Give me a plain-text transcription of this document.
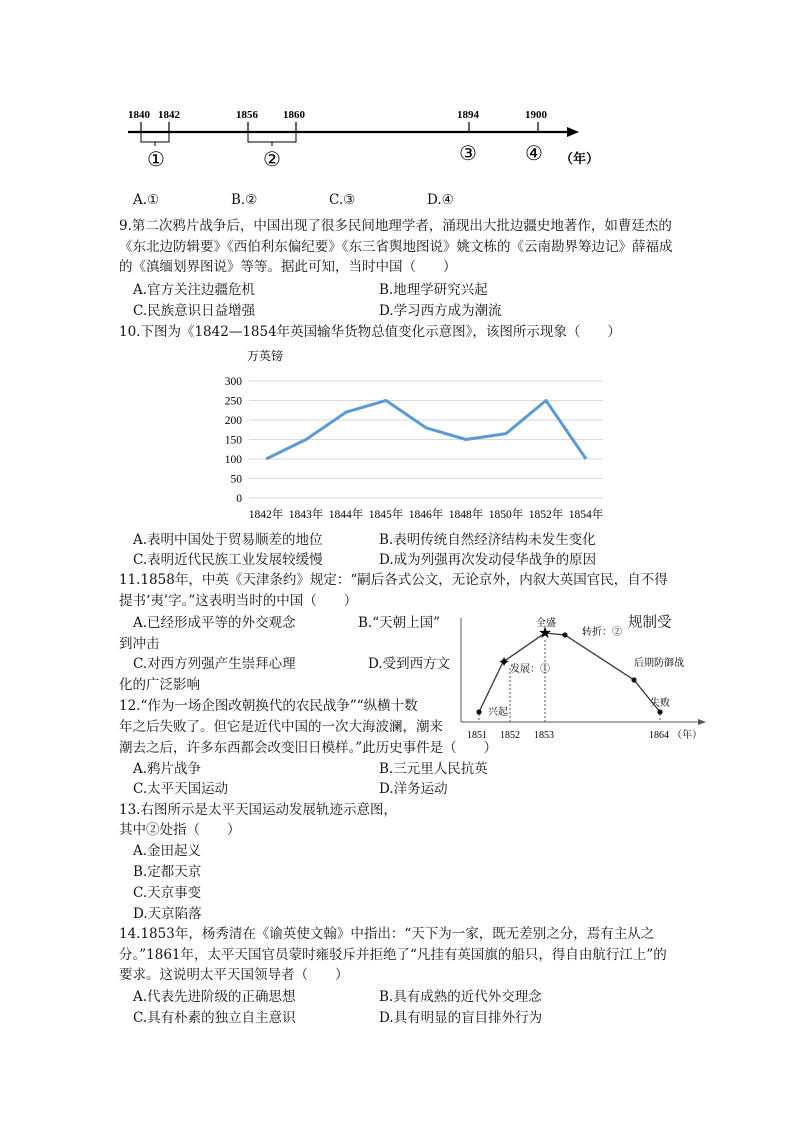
1840 1842	1856 1860	1894	1900
①	②	③ ④ （年）
A.①	B.②	C.③	D.④
9.第二次鸦片战争后，中国出现了很多民间地理学者，涌现出大批边疆史地著作，如曹廷杰的《东北边防辑要》《西伯利东偏纪要》《东三省舆地图说》姚文栋的《云南勘界筹边记》薛福成的《滇缅划界图说》等等。据此可知，当时中国（　　）
A.官方关注边疆危机	B.地理学研究兴起
C.民族意识日益增强	D.学习西方成为潮流
10.下图为《1842—1854年英国输华货物总值变化示意图》，该图所示现象（　　）
万英镑
0
50
100
150
200
250
300
1842年 1843年 1844年 1845年 1846年 1848年 1850年 1852年 1854年
A.表明中国处于贸易顺差的地位	B.表明传统自然经济结构未发生变化
C.表明近代民族工业发展较缓慢	D.成为列强再次发动侵华战争的原因
11.1858年，中英《天津条约》规定：“嗣后各式公文，无论京外，内叙大英国官民，自不得提书‘夷’字。”这表明当时的中国（　　）
A.已经形成平等的外交观念	B.“天朝上国”	规制受
到冲击
C.对西方列强产生崇拜心理	D.受到西方文
化的广泛影响
12.“作为一场企图改朝换代的农民战争”“纵横十数
年之后失败了。但它是近代中国的一次大海波澜，潮来
潮去之后，许多东西都会改变旧日模样。”此历史事件是（　　）
A.鸦片战争	B.三元里人民抗英
C.太平天国运动	D.洋务运动
✦
★
兴起
发展：①
全盛
转折：②
后期防御战
失败
1851 1852 1853	1864 （年）
13.右图所示是太平天国运动发展轨迹示意图，
其中②处指（　　）
A.金田起义
B.定都天京
C.天京事变
D.天京陷落
14.1853年，杨秀清在《谕英使文翰》中指出：“天下为一家，既无差别之分，焉有主从之分。”1861年，太平天国官员蒙时雍驳斥并拒绝了“凡挂有英国旗的船只，得自由航行江上”的要求。这说明太平天国领导者（　　）
A.代表先进阶级的正确思想	B.具有成熟的近代外交理念
C.具有朴素的独立自主意识	D.具有明显的盲目排外行为
